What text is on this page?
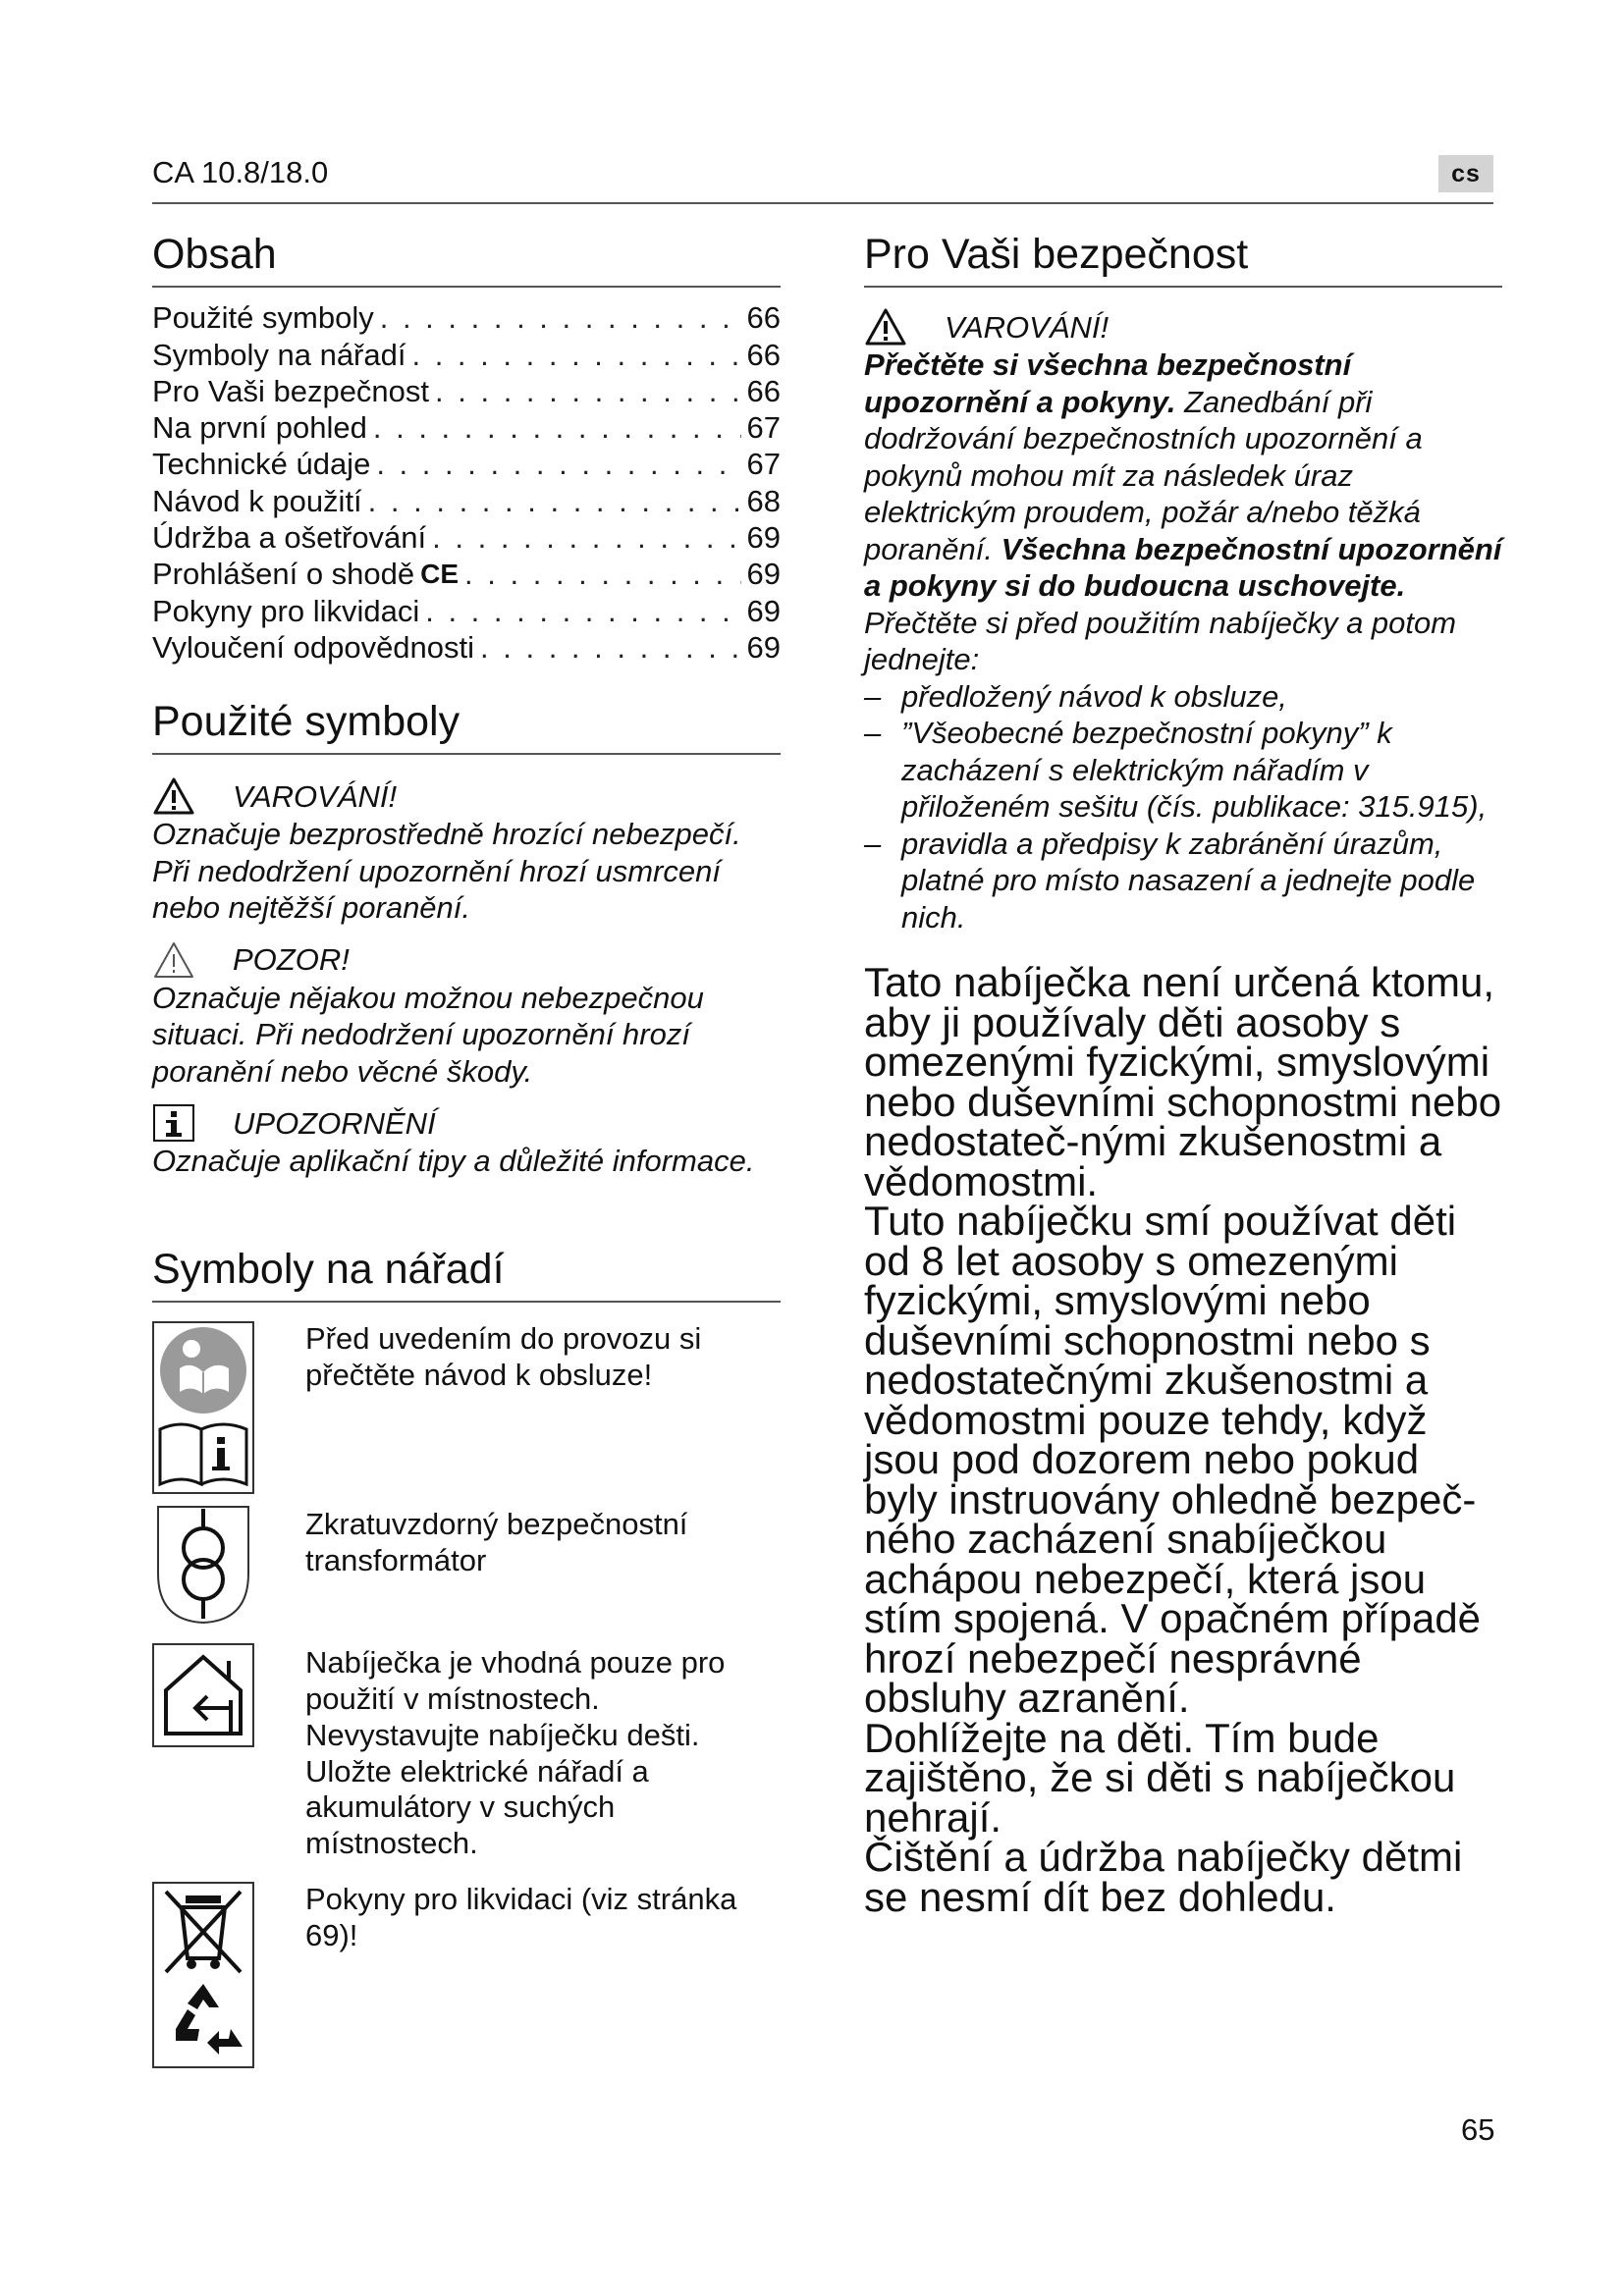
CA 10.8/18.0	cs
Obsah
Použité symboly . . .	66
Symboly na nářadí . . .	66
Pro Vaši bezpečnost . . .	66
Na první pohled . . .	67
Technické údaje . . .	67
Návod k použití . . .	68
Údržba a ošetřování . . .	69
Prohlášení o shodě CE . . .	69
Pokyny pro likvidaci . . .	69
Vyloučení odpovědnosti . . .	69
Použité symboly
VAROVÁNÍ!

Označuje bezprostředně hrozící nebezpečí. Při nedodržení upozornění hrozí usmrcení nebo nejtěžší poranění.

POZOR!

Označuje nějakou možnou nebezpečnou situaci. Při nedodržení upozornění hrozí poranění nebo věcné škody.

UPOZORNĚNÍ

Označuje aplikační tipy a důležité informace.

Symboly na nářadí
Před uvedením do provozu si přečtěte návod k obsluze!
Zkratuvzdorný bezpečnostní transformátor
Nabíječka je vhodná pouze pro použití v místnostech. Nevystavujte nabíječku dešti. Uložte elektrické nářadí a akumulátory v suchých místnostech.
Pokyny pro likvidaci (viz stránka 69)!
Pro Vaši bezpečnost
VAROVÁNÍ!

Přečtěte si všechna bezpečnostní upozornění a pokyny. Zanedbání při dodržování bezpečnostních upozornění a pokynů mohou mít za následek úraz elektrickým proudem, požár a/nebo těžká poranění. Všechna bezpečnostní upozornění a pokyny si do budoucna uschovejte.

Přečtěte si před použitím nabíječky a potom jednejte:

– předložený návod k obsluze,
– ”Všeobecné bezpečnostní pokyny” k zacházení s elektrickým nářadím v přiloženém sešitu (čís. publikace: 315.915),
– pravidla a předpisy k zabránění úrazům, platné pro místo nasazení a jednejte podle nich.
Tato nabíječka není určená ktomu, aby ji používaly děti aosoby s omezenými fyzickými, smyslovými nebo duševními schopnostmi nebo nedostateč-nými zkušenostmi a vědomostmi.
Tuto nabíječku smí používat děti od 8 let aosoby s omezenými fyzickými, smyslovými nebo duševními schopnostmi nebo s nedostatečnými zkušenostmi a vědomostmi pouze tehdy, když jsou pod dozorem nebo pokud byly instruovány ohledně bezpeč-ného zacházení snabíječkou achápou nebezpečí, která jsou stím spojená. V opačném případě hrozí nebezpečí nesprávné obsluhy azranění.
Dohlížejte na děti. Tím bude zajištěno, že si děti s nabíječkou nehrají.
Čištění a údržba nabíječky dětmi se nesmí dít bez dohledu.
65
